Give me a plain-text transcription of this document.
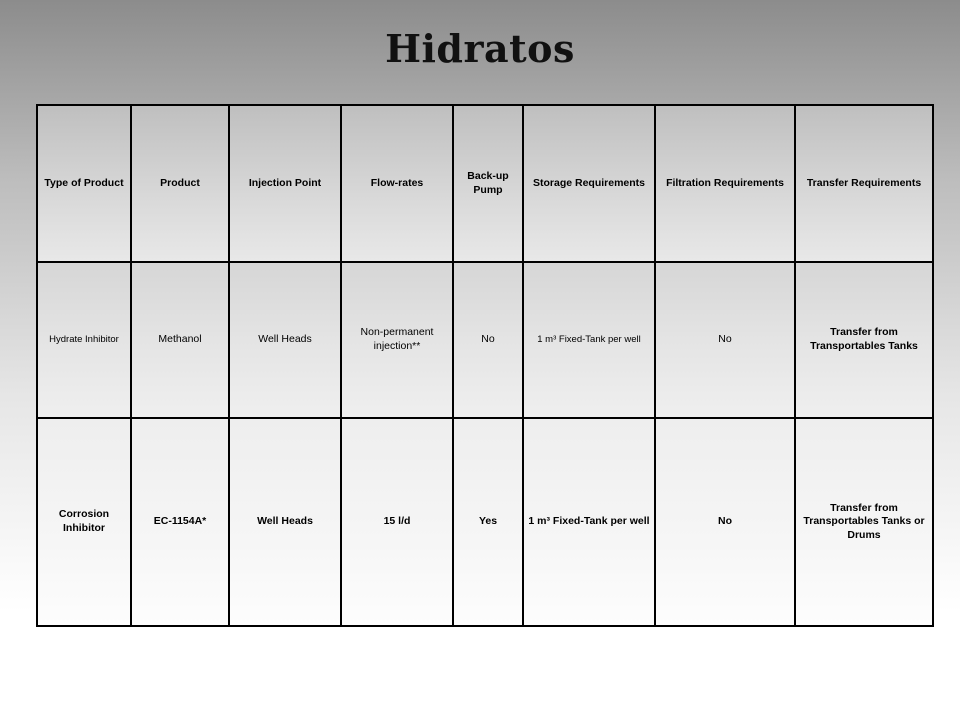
Hidratos
Type of Product	Product	Injection Point	Flow-rates	Back-up Pump	Storage Requirements	Filtration Requirements	Transfer Requirements
Hydrate Inhibitor	Methanol	Well Heads	Non-permanent injection**	No	1 m³ Fixed-Tank per well	No	Transfer from Transportables Tanks
Corrosion Inhibitor	EC-1154A*	Well Heads	15 l/d	Yes	1 m³ Fixed-Tank per well	No	Transfer from Transportables Tanks or Drums
